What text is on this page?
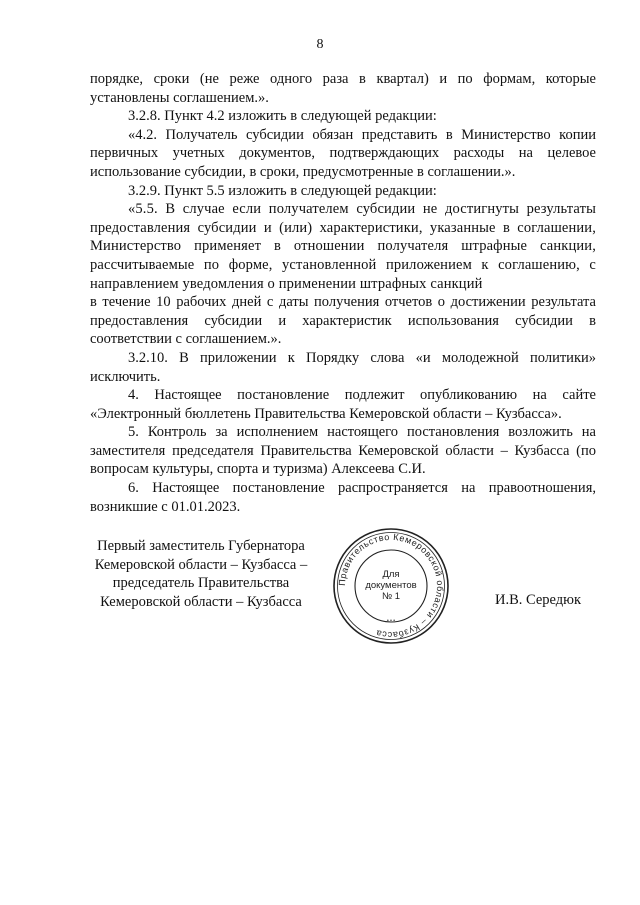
8

порядке, сроки (не реже одного раза в квартал) и по формам, которые установлены соглашением.».

3.2.8. Пункт 4.2 изложить в следующей редакции:

«4.2. Получатель субсидии обязан представить в Министерство копии первичных учетных документов, подтверждающих расходы на целевое использование субсидии, в сроки, предусмотренные в соглашении.».

3.2.9. Пункт 5.5 изложить в следующей редакции:

«5.5. В случае если получателем субсидии не достигнуты результаты предоставления субсидии и (или) характеристики, указанные в соглашении, Министерство применяет в отношении получателя штрафные санкции, рассчитываемые по форме, установленной приложением к соглашению, с направлением уведомления о применении штрафных санкций

в течение 10 рабочих дней с даты получения отчетов о достижении результата предоставления субсидии и характеристик использования субсидии в соответствии с соглашением.».

3.2.10. В приложении к Порядку слова «и молодежной политики» исключить.

4. Настоящее постановление подлежит опубликованию на сайте «Электронный бюллетень Правительства Кемеровской области – Кузбасса».

5. Контроль за исполнением настоящего постановления возложить на заместителя председателя Правительства Кемеровской области – Кузбасса (по вопросам культуры, спорта и туризма) Алексеева С.И.

6. Настоящее постановление распространяется на правоотношения, возникшие с 01.01.2023.

Первый заместитель Губернатора
Кемеровской области – Кузбасса –
председатель Правительства
Кемеровской области – Кузбасса
Правительство Кемеровской области – Кузбасса
• • •
Для
документов
№ 1	И.В. Середюк
